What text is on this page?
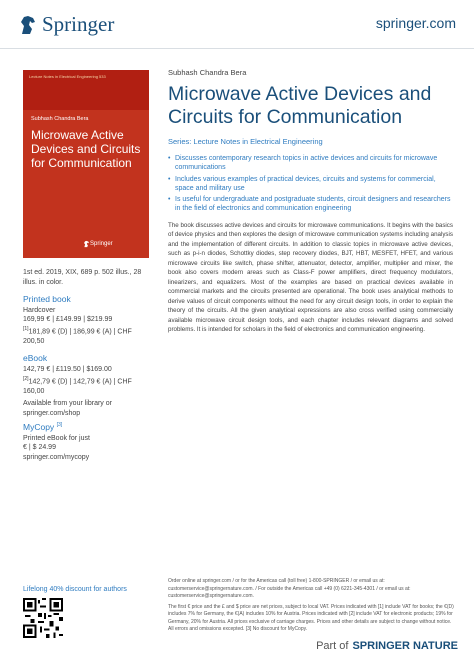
Springer	springer.com
Lecture Notes in Electrical Engineering 533
Subhash Chandra Bera
Microwave Active Devices and Circuits for Communication
Springer

1st ed. 2019, XIX, 689 p. 502 illus., 28 illus. in color.

Printed book

Hardcover

169,99 € | £149.99 | $219.99

[1]181,89 € (D) | 186,99 € (A) | CHF 200,50

eBook

142,79 € | £119.50 | $169.00

[2]142,79 € (D) | 142,79 € (A) | CHF 160,00

Available from your library or springer.com/shop

MyCopy [3]

Printed eBook for just

€ | $ 24.99

springer.com/mycopy

Subhash Chandra Bera

Microwave Active Devices and Circuits for Communication

Series: Lecture Notes in Electrical Engineering

• Discusses contemporary research topics in active devices and circuits for microwave communications
• Includes various examples of practical devices, circuits and systems for commercial, space and military use
• Is useful for undergraduate and postgraduate students, circuit designers and researchers in the field of electronics and communication engineering

The book discusses active devices and circuits for microwave communications. It begins with the basics of device physics and then explores the design of microwave communication systems including analysis and the implementation of different circuits. In addition to classic topics in microwave active devices, such as p-i-n diodes, Schottky diodes, step recovery diodes, BJT, HBT, MESFET, HFET, and various microwave circuits like switch, phase shifter, attenuator, detector, amplifier, multiplier and mixer, the book also covers modern areas such as Class-F power amplifiers, direct frequency modulators, linearizers, and equalizers. Most of the examples are based on practical devices available in commercial markets and the circuits presented are operational. The book uses analytical methods to derive values of circuit components without the need for any circuit design tools, in order to explain the theory of the circuits. All the given analytical expressions are also cross verified using commercially available microwave circuit design tools, and each chapter includes relevant diagrams and solved problems. It is intended for scholars in the field of electronics and communication engineering.

Lifelong 40% discount for authors

Order online at springer.com / or for the Americas call (toll free) 1-800-SPRINGER / or email us at: customerservice@springernature.com. / For outside the Americas call +49 (0) 6221-345-4301 / or email us at: customerservice@springernature.com.

The first € price and the £ and $ price are net prices, subject to local VAT. Prices indicated with [1] include VAT for books; the €(D) includes 7% for Germany, the €(A) includes 10% for Austria. Prices indicated with [2] include VAT for electronic products; 19% for Germany, 20% for Austria. All prices exclusive of carriage charges. Prices and other details are subject to change without notice. All errors and omissions excepted. [3] No discount for MyCopy.

Part of SPRINGER NATURE
